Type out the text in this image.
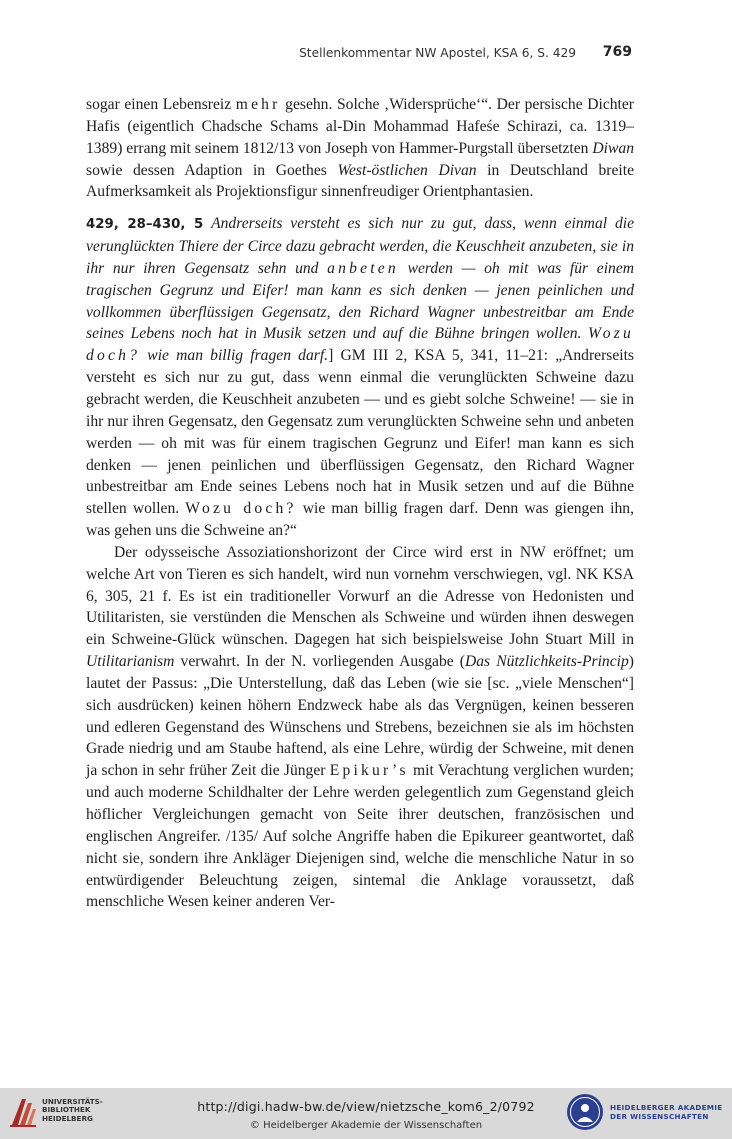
Stellenkommentar NW Apostel, KSA 6, S. 429 769

sogar einen Lebensreiz mehr gesehn. Solche ‚Widersprüche‘“. Der persische Dichter Hafis (eigentlich Chadsche Schams al-Din Mohammad Hafeśe Schirazi, ca. 1319–1389) errang mit seinem 1812/13 von Joseph von Hammer-Purgstall übersetzten Diwan sowie dessen Adaption in Goethes West-östlichen Divan in Deutschland breite Aufmerksamkeit als Projektionsfigur sinnenfreudiger Orientphantasien.

429, 28–430, 5 Andrerseits versteht es sich nur zu gut, dass, wenn einmal die verunglückten Thiere der Circe dazu gebracht werden, die Keuschheit anzubeten, sie in ihr nur ihren Gegensatz sehn und anbeten werden — oh mit was für einem tragischen Gegrunz und Eifer! man kann es sich denken — jenen peinlichen und vollkommen überflüssigen Gegensatz, den Richard Wagner unbestreitbar am Ende seines Lebens noch hat in Musik setzen und auf die Bühne bringen wollen. Wozu doch? wie man billig fragen darf.] GM III 2, KSA 5, 341, 11–21: „Andrerseits versteht es sich nur zu gut, dass wenn einmal die verunglückten Schweine dazu gebracht werden, die Keuschheit anzubeten — und es giebt solche Schweine! — sie in ihr nur ihren Gegensatz, den Gegensatz zum verunglückten Schweine sehn und anbeten werden — oh mit was für einem tragischen Gegrunz und Eifer! man kann es sich denken — jenen peinlichen und überflüssigen Gegensatz, den Richard Wagner unbestreitbar am Ende seines Lebens noch hat in Musik setzen und auf die Bühne stellen wollen. Wozu doch? wie man billig fragen darf. Denn was giengen ihn, was gehen uns die Schweine an?“

Der odysseische Assoziationshorizont der Circe wird erst in NW eröffnet; um welche Art von Tieren es sich handelt, wird nun vornehm verschwiegen, vgl. NK KSA 6, 305, 21 f. Es ist ein traditioneller Vorwurf an die Adresse von Hedonisten und Utilitaristen, sie verstünden die Menschen als Schweine und würden ihnen deswegen ein Schweine-Glück wünschen. Dagegen hat sich beispielsweise John Stuart Mill in Utilitarianism verwahrt. In der N. vorliegenden Ausgabe (Das Nützlichkeits-Princip) lautet der Passus: „Die Unterstellung, daß das Leben (wie sie [sc. „viele Menschen“] sich ausdrücken) keinen höhern Endzweck habe als das Vergnügen, keinen besseren und edleren Gegenstand des Wünschens und Strebens, bezeichnen sie als im höchsten Grade niedrig und am Staube haftend, als eine Lehre, würdig der Schweine, mit denen ja schon in sehr früher Zeit die Jünger Epikur’s mit Verachtung verglichen wurden; und auch moderne Schildhalter der Lehre werden gelegentlich zum Gegenstand gleich höflicher Vergleichungen gemacht von Seite ihrer deutschen, französischen und englischen Angreifer. /135/ Auf solche Angriffe haben die Epikureer geantwortet, daß nicht sie, sondern ihre Ankläger Diejenigen sind, welche die menschliche Natur in so entwürdigender Beleuchtung zeigen, sintemal die Anklage voraussetzt, daß menschliche Wesen keiner anderen Ver-

UNIVERSITÄTS-
BIBLIOTHEK
HEIDELBERG
http://digi.hadw-bw.de/view/nietzsche_kom6_2/0792
© Heidelberger Akademie der Wissenschaften
HEIDELBERGER AKADEMIE
DER WISSENSCHAFTEN
